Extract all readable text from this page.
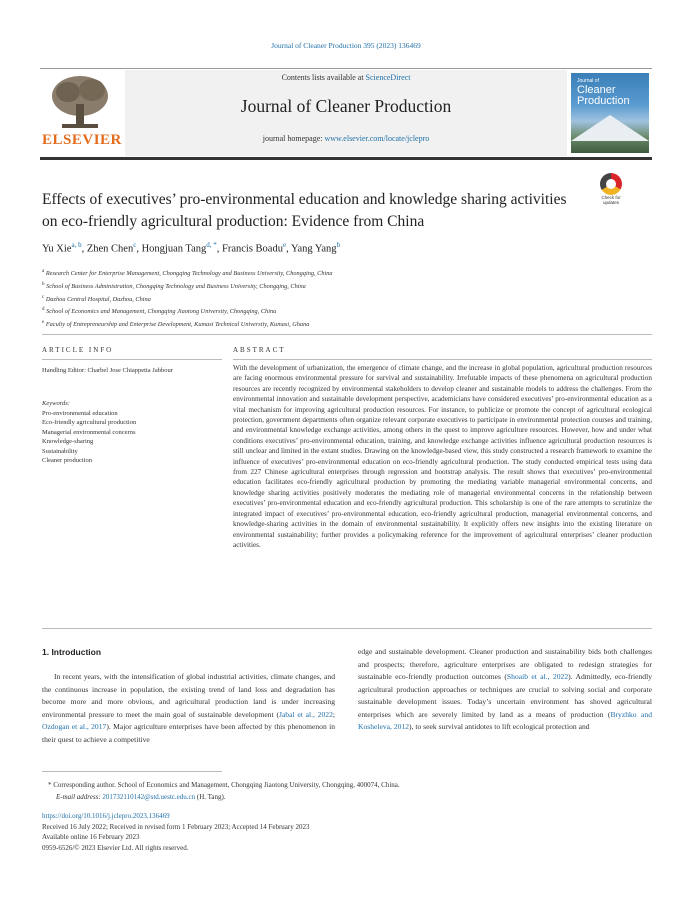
Journal of Cleaner Production 395 (2023) 136469
ELSEVIER
Contents lists available at ScienceDirect
Journal of Cleaner Production
journal homepage: www.elsevier.com/locate/jclepro
Journal of
Cleaner
Production
Effects of executives’ pro-environmental education and knowledge sharing activities on eco-friendly agricultural production: Evidence from China
Check for updates
Yu Xie$^{a, b}$, Zhen Chen$^c$, Hongjuan Tang$^{d, *}$, Francis Boadu$^e$, Yang Yang$^b$
$^a$ Research Center for Enterprise Management, Chongqing Technology and Business University, Chongqing, China
$^b$ School of Business Administration, Chongqing Technology and Business University, Chongqing, China
$^c$ Dazhou Central Hospital, Dazhou, China
$^d$ School of Economics and Management, Chongqing Jiaotong University, Chongqing, China
$^e$ Faculty of Entrepreneurship and Enterprise Development, Kumasi Technical University, Kumasi, Ghana
ARTICLE INFO	ABSTRACT
Handling Editor: Charbel Jose Chiappetta Jabbour
Keywords:
Pro-environmental education
Eco-friendly agricultural production
Managerial environmental concerns
Knowledge-sharing
Sustainability
Cleaner production
With the development of urbanization, the emergence of climate change, and the increase in global population, agricultural production resources are facing enormous environmental pressure for survival and sustainability. Irrefutable impacts of these phenomena on agricultural production resources are recently recognized by environmental stakeholders to develop cleaner and sustainable models to address the challenges. From the environmental innovation and sustainable development perspective, academicians have considered executives’ pro-environmental education as a vital mechanism for improving agricultural production resources. For instance, to publicize or promote the concept of agricultural ecological protection, government departments often organize relevant corporate executives to participate in environmental protection courses and training, and environmental knowledge exchange activities, among others in the quest to improve agriculture resources. However, how and under what conditions executives’ pro-environmental education, training, and knowledge exchange activities influence agricultural production resources is still unclear and limited in the extant studies. Drawing on the knowledge-based view, this study constructed a research framework to examine the influence of executives’ pro-environmental education on eco-friendly agricultural production. The study conducted empirical tests using data from 227 Chinese agricultural enterprises through regression and bootstrap analysis. The result shows that executives’ pro-environmental education facilitates eco-friendly agricultural production by promoting the mediating variable managerial environmental concerns, and knowledge sharing activities positively moderates the mediating role of managerial environmental concerns in the relationship between executives’ pro-environmental education and eco-friendly agricultural production. This scholarship is one of the rare attempts to scrutinize the integrated impact of executives’ pro-environmental education, eco-friendly agricultural production, managerial environmental concerns, and knowledge-sharing activities in the domain of environmental sustainability. It explicitly offers new insights into the existing literature on environmental sustainability; further provides a policymaking reference for the improvement of agricultural enterprises’ cleaner production activities.
1. Introduction
In recent years, with the intensification of global industrial activities, climate changes, and the continuous increase in population, the existing trend of land loss and degradation has become more and more obvious, and agricultural production land is under increasing environmental pressure to meet the main goal of sustainable development (Jabal et al., 2022; Ozdogan et al., 2017). Major agriculture enterprises have been affected by this phenomenon in their quest to achieve a competitive
edge and sustainable development. Cleaner production and sustainability bids both challenges and prospects; therefore, agriculture enterprises are obligated to redesign strategies for sustainable eco-friendly production outcomes (Shoaib et al., 2022). Admittedly, eco-friendly agricultural production approaches or techniques are crucial to solving social and corporate sustainable development issues. Today’s uncertain environment has shoved agricultural enterprises which are severely limited by land as a means of production (Bryzhko and Kosheleva, 2012), to seek survival antidotes to lift ecological protection and
* Corresponding author. School of Economics and Management, Chongqing Jiaotong University, Chongqing, 400074, China.
E-mail address: 201732110142@std.uestc.edu.cn (H. Tang).
https://doi.org/10.1016/j.jclepro.2023.136469
Received 16 July 2022; Received in revised form 1 February 2023; Accepted 14 February 2023
Available online 16 February 2023
0959-6526/© 2023 Elsevier Ltd. All rights reserved.
